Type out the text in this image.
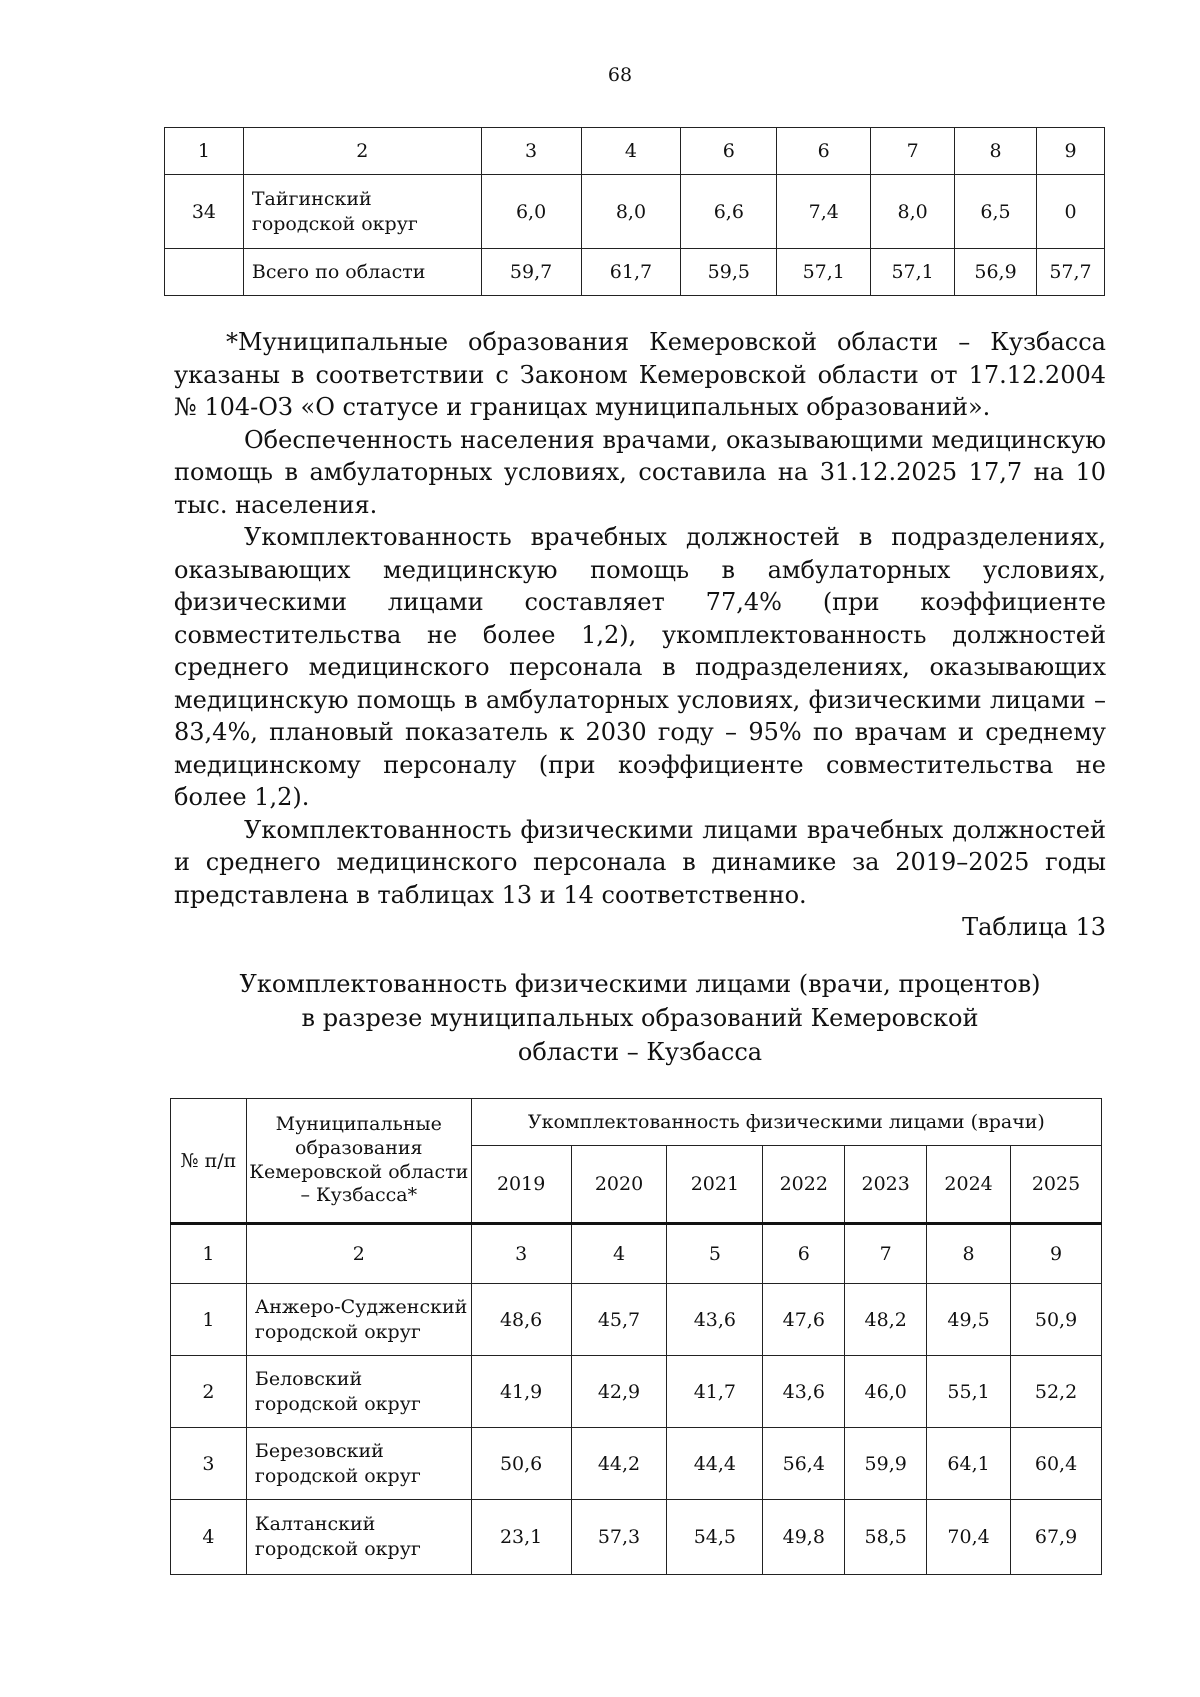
68
1	2	3	4	6	6	7	8	9
34	Тайгинский городской округ	6,0	8,0	6,6	7,4	8,0	6,5	0
	Всего по области	59,7	61,7	59,5	57,1	57,1	56,9	57,7

*Муниципальные образования Кемеровской области – Кузбасса указаны в соответствии с Законом Кемеровской области от 17.12.2004 № 104-ОЗ «О статусе и границах муниципальных образований».

Обеспеченность населения врачами, оказывающими медицинскую помощь в амбулаторных условиях, составила на 31.12.2025 17,7 на 10 тыс. населения.

Укомплектованность врачебных должностей в подразделениях, оказывающих медицинскую помощь в амбулаторных условиях, физическими лицами составляет 77,4% (при коэффициенте совместительства не более 1,2), укомплектованность должностей среднего медицинского персонала в подразделениях, оказывающих медицинскую помощь в амбулаторных условиях, физическими лицами – 83,4%, плановый показатель к 2030 году – 95% по врачам и среднему медицинскому персоналу (при коэффициенте совместительства не более 1,2).

Укомплектованность физическими лицами врачебных должностей и среднего медицинского персонала в динамике за 2019–2025 годы представлена в таблицах 13 и 14 соответственно.

Таблица 13
Укомплектованность физическими лицами (врачи, процентов)
в разрезе муниципальных образований Кемеровской
области – Кузбасса
№ п/п	Муниципальные образования Кемеровской области – Кузбасса*	Укомплектованность физическими лицами (врачи)						
		2019	2020	2021	2022	2023	2024	2025
1	2	3	4	5	6	7	8	9
1	Анжеро-Судженский городской округ	48,6	45,7	43,6	47,6	48,2	49,5	50,9
2	Беловский городской округ	41,9	42,9	41,7	43,6	46,0	55,1	52,2
3	Березовский городской округ	50,6	44,2	44,4	56,4	59,9	64,1	60,4
4	Калтанский городской округ	23,1	57,3	54,5	49,8	58,5	70,4	67,9
